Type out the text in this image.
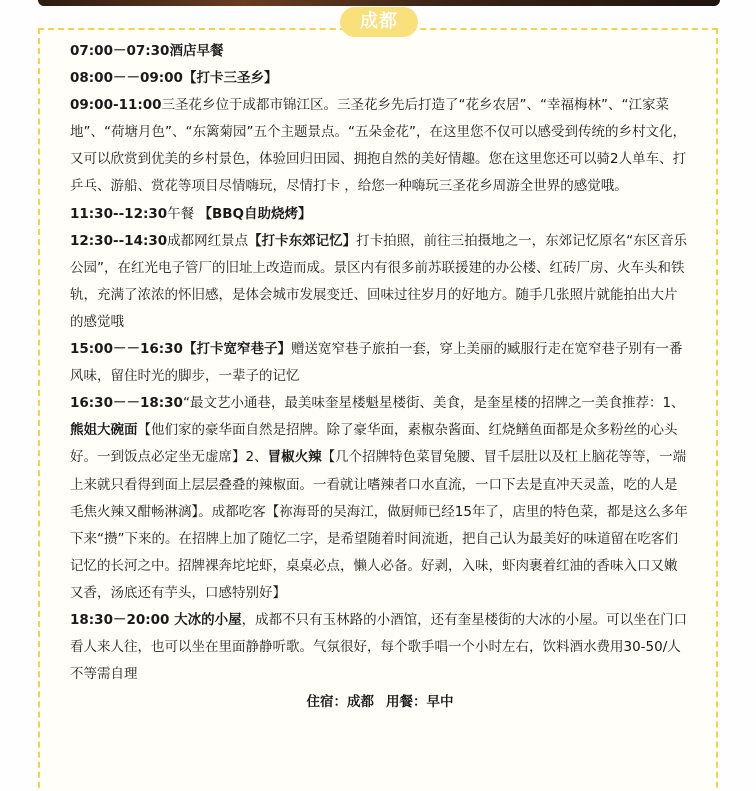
成都

07:00－07:30酒店早餐

08:00－－09:00【打卡三圣乡】

09:00-11:00三圣花乡位于成都市锦江区。三圣花乡先后打造了“花乡农居”、“幸福梅林”、“江家菜地”、“荷塘月色”、“东篱菊园”五个主题景点。“五朵金花”，在这里您不仅可以感受到传统的乡村文化，又可以欣赏到优美的乡村景色，体验回归田园、拥抱自然的美好情趣。您在这里您还可以骑2人单车、打乒乓、游船、赏花等项目尽情嗨玩，尽情打卡 ，给您一种嗨玩三圣花乡周游全世界的感觉哦。

11:30--12:30午餐 【BBQ自助烧烤】

12:30--14:30成都网红景点【打卡东郊记忆】打卡拍照，前往三拍摄地之一，东郊记忆原名“东区音乐公园”，在红光电子管厂的旧址上改造而成。景区内有很多前苏联援建的办公楼、红砖厂房、火车头和铁轨，充满了浓浓的怀旧感，是体会城市发展变迁、回味过往岁月的好地方。随手几张照片就能拍出大片的感觉哦

15:00－－16:30【打卡宽窄巷子】赠送宽窄巷子旅拍一套，穿上美丽的臧服行走在宽窄巷子别有一番风味，留住时光的脚步，一辈子的记忆

16:30－－18:30“最文艺小通巷，最美味奎星楼魁星楼街、美食，是奎星楼的招牌之一美食推荐：1、熊姐大碗面【他们家的豪华面自然是招牌。除了豪华面，素椒杂酱面、红烧鳝鱼面都是众多粉丝的心头好。一到饭点必定坐无虚席】2、冒椒火辣【几个招牌特色菜冒兔腰、冒千层肚以及杠上脑花等等，一端上来就只看得到面上层层叠叠的辣椒面。一看就让嗜辣者口水直流，一口下去是直冲天灵盖，吃的人是毛焦火辣又酣畅淋漓】。成都吃客【祢海哥的吴海江，做厨师已经15年了，店里的特色菜，都是这么多年下来“攒”下来的。在招牌上加了随忆二字，是希望随着时间流逝，把自己认为最美好的味道留在吃客们记忆的长河之中。招牌裸奔坨坨虾，桌桌必点，懒人必备。好剥，入味，虾肉裹着红油的香味入口又嫩又香，汤底还有芋头，口感特别好】

18:30－20:00 大冰的小屋，成都不只有玉林路的小酒馆，还有奎星楼街的大冰的小屋。可以坐在门口看人来人往，也可以坐在里面静静听歌。气氛很好，每个歌手唱一个小时左右，饮料酒水费用30-50/人不等需自理

住宿：成都 用餐：早中
